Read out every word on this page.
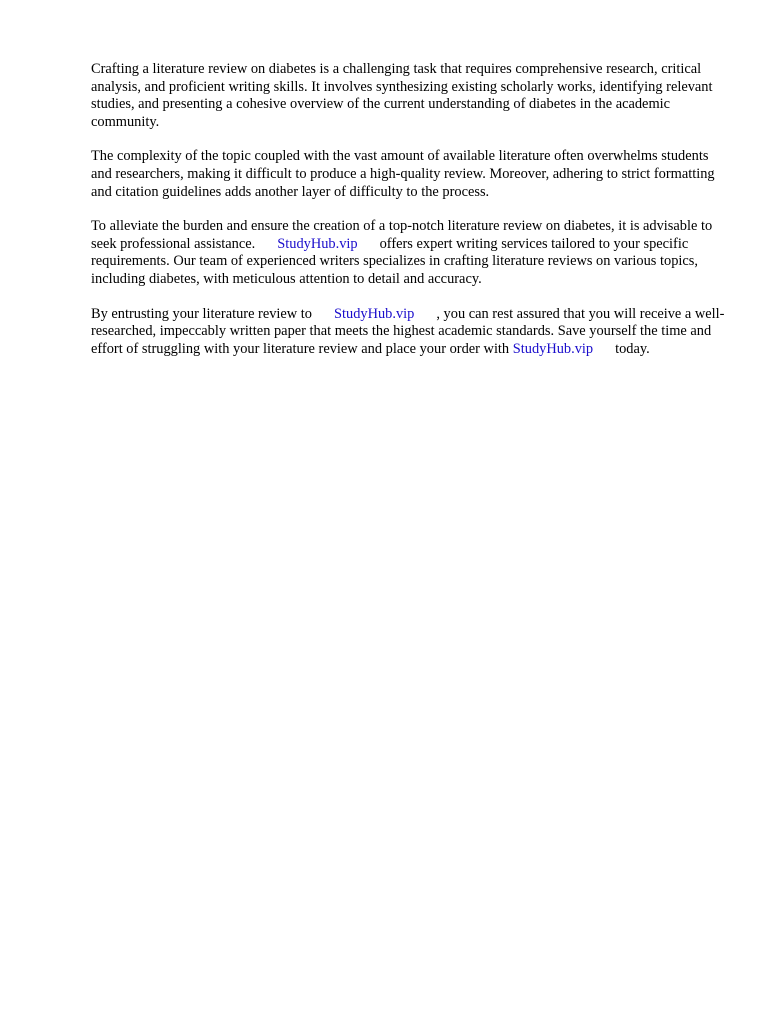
Crafting a literature review on diabetes is a challenging task that requires comprehensive research, critical analysis, and proficient writing skills. It involves synthesizing existing scholarly works, identifying relevant studies, and presenting a cohesive overview of the current understanding of diabetes in the academic community.

The complexity of the topic coupled with the vast amount of available literature often overwhelms students and researchers, making it difficult to produce a high-quality review. Moreover, adhering to strict formatting and citation guidelines adds another layer of difficulty to the process.

To alleviate the burden and ensure the creation of a top-notch literature review on diabetes, it is advisable to seek professional assistance. StudyHub.vip offers expert writing services tailored to your specific requirements. Our team of experienced writers specializes in crafting literature reviews on various topics, including diabetes, with meticulous attention to detail and accuracy.

By entrusting your literature review to StudyHub.vip , you can rest assured that you will receive a well-researched, impeccably written paper that meets the highest academic standards. Save yourself the time and effort of struggling with your literature review and place your order with StudyHub.vip today.
